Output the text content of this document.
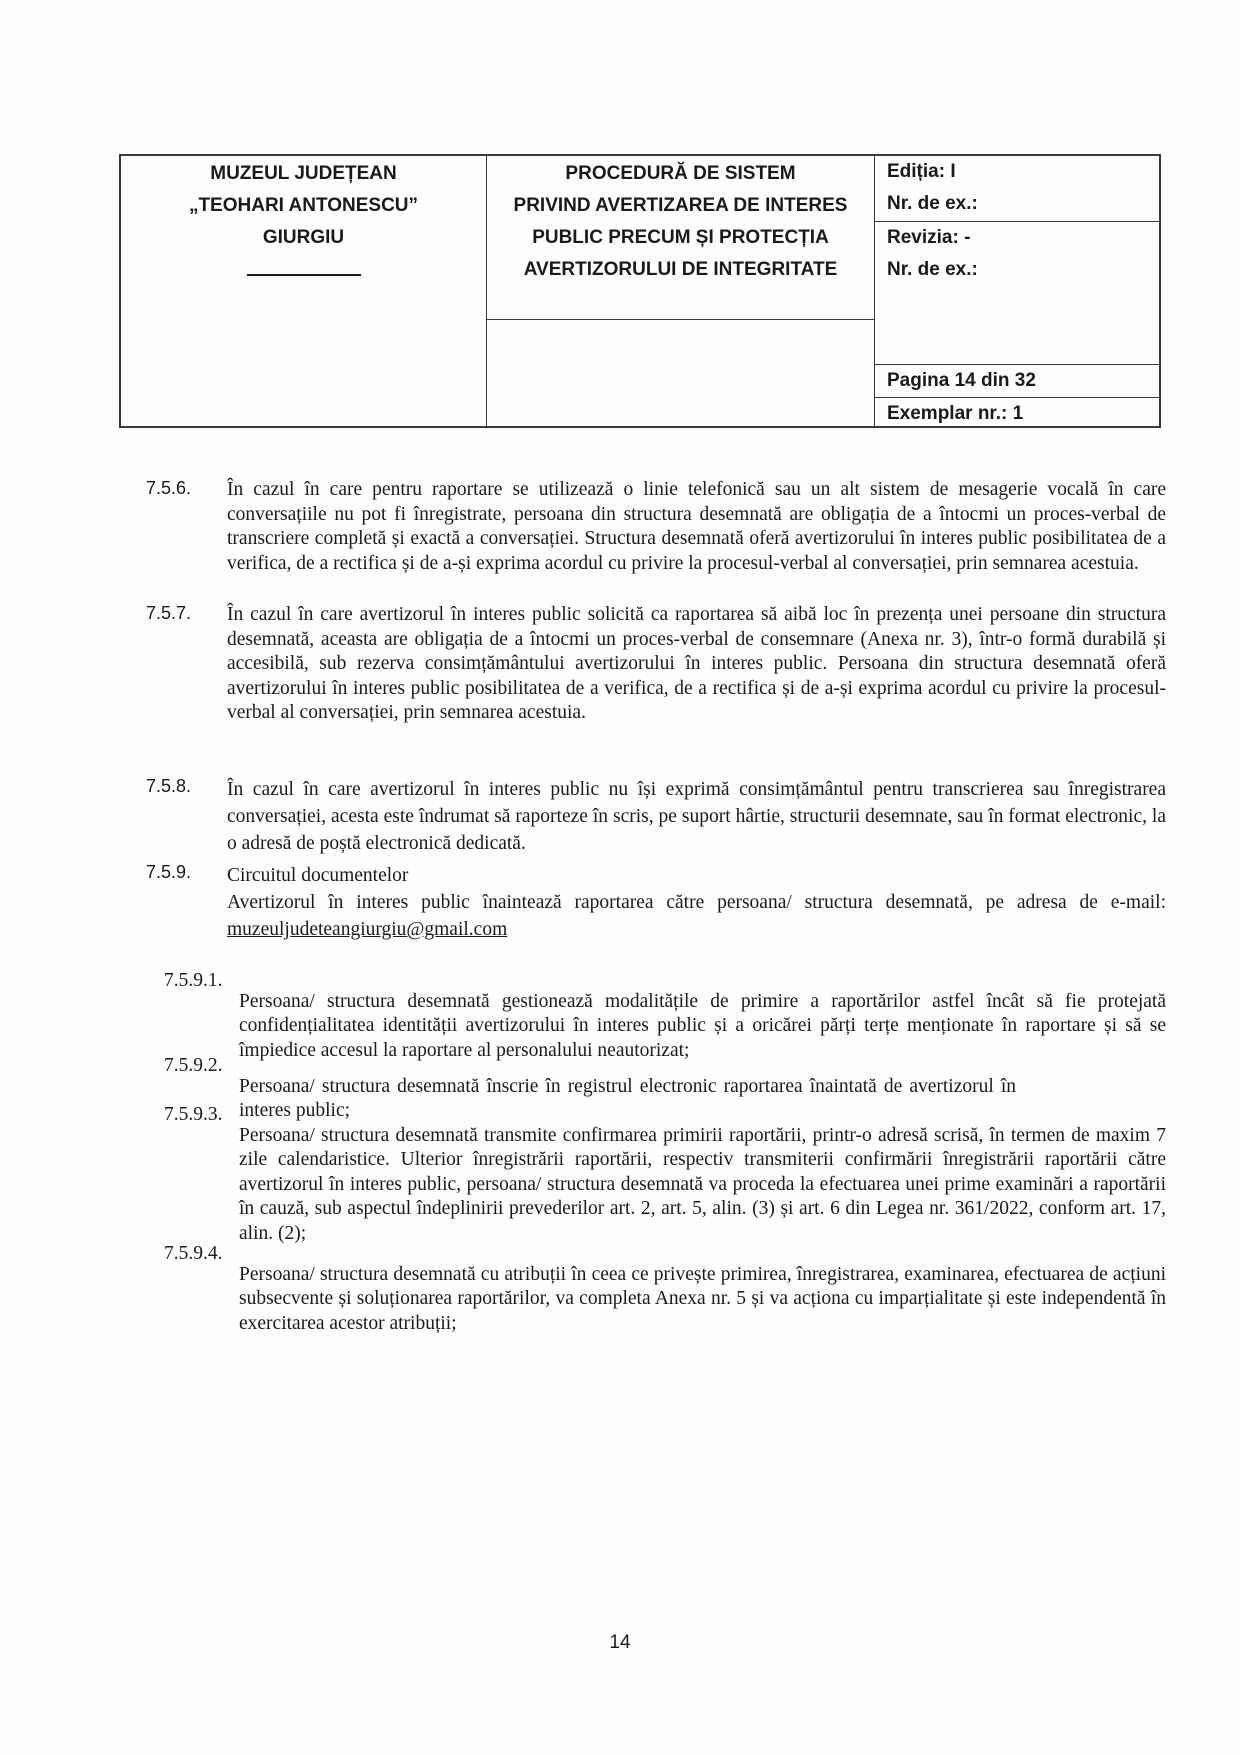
MUZEUL JUDEȚEAN
„TEOHARI ANTONESCU”
GIURGIU
PROCEDURĂ DE SISTEM
PRIVIND AVERTIZAREA DE INTERES
PUBLIC PRECUM ȘI PROTECȚIA
AVERTIZORULUI DE INTEGRITATE
Ediția: I
Nr. de ex.:
Revizia: -
Nr. de ex.:
Pagina 14 din 32
Exemplar nr.: 1
7.5.6. În cazul în care pentru raportare se utilizează o linie telefonică sau un alt sistem de mesagerie vocală în care conversațiile nu pot fi înregistrate, persoana din structura desemnată are obligația de a întocmi un proces-verbal de transcriere completă și exactă a conversației. Structura desemnată oferă avertizorului în interes public posibilitatea de a verifica, de a rectifica și de a-și exprima acordul cu privire la procesul-verbal al conversației, prin semnarea acestuia.

7.5.7. În cazul în care avertizorul în interes public solicită ca raportarea să aibă loc în prezența unei persoane din structura desemnată, aceasta are obligația de a întocmi un proces-verbal de consemnare (Anexa nr. 3), într-o formă durabilă și accesibilă, sub rezerva consimțământului avertizorului în interes public. Persoana din structura desemnată oferă avertizorului în interes public posibilitatea de a verifica, de a rectifica și de a-și exprima acordul cu privire la procesul-verbal al conversației, prin semnarea acestuia.

7.5.8. În cazul în care avertizorul în interes public nu își exprimă consimțământul pentru transcrierea sau înregistrarea conversației, acesta este îndrumat să raporteze în scris, pe suport hârtie, structurii desemnate, sau în format electronic, la o adresă de poștă electronică dedicată.

7.5.9. Circuitul documentelor

Avertizorul în interes public înaintează raportarea către persoana/ structura desemnată, pe adresa de e-mail: muzeuljudeteangiurgiu@gmail.com

7.5.9.1.

Persoana/ structura desemnată gestionează modalitățile de primire a raportărilor astfel încât să fie protejată confidențialitatea identității avertizorului în interes public și a oricărei părți terțe menționate în raportare și să se împiedice accesul la raportare al personalului neautorizat;

7.5.9.2.

Persoana/ structura desemnată înscrie în registrul electronic raportarea înaintată de avertizorul în interes public;

7.5.9.3.

Persoana/ structura desemnată transmite confirmarea primirii raportării, printr-o adresă scrisă, în termen de maxim 7 zile calendaristice. Ulterior înregistrării raportării, respectiv transmiterii confirmării înregistrării raportării către avertizorul în interes public, persoana/ structura desemnată va proceda la efectuarea unei prime examinări a raportării în cauză, sub aspectul îndeplinirii prevederilor art. 2, art. 5, alin. (3) și art. 6 din Legea nr. 361/2022, conform art. 17, alin. (2);

7.5.9.4.

Persoana/ structura desemnată cu atribuții în ceea ce privește primirea, înregistrarea, examinarea, efectuarea de acțiuni subsecvente și soluționarea raportărilor, va completa Anexa nr. 5 și va acționa cu imparțialitate și este independentă în exercitarea acestor atribuții;

14
